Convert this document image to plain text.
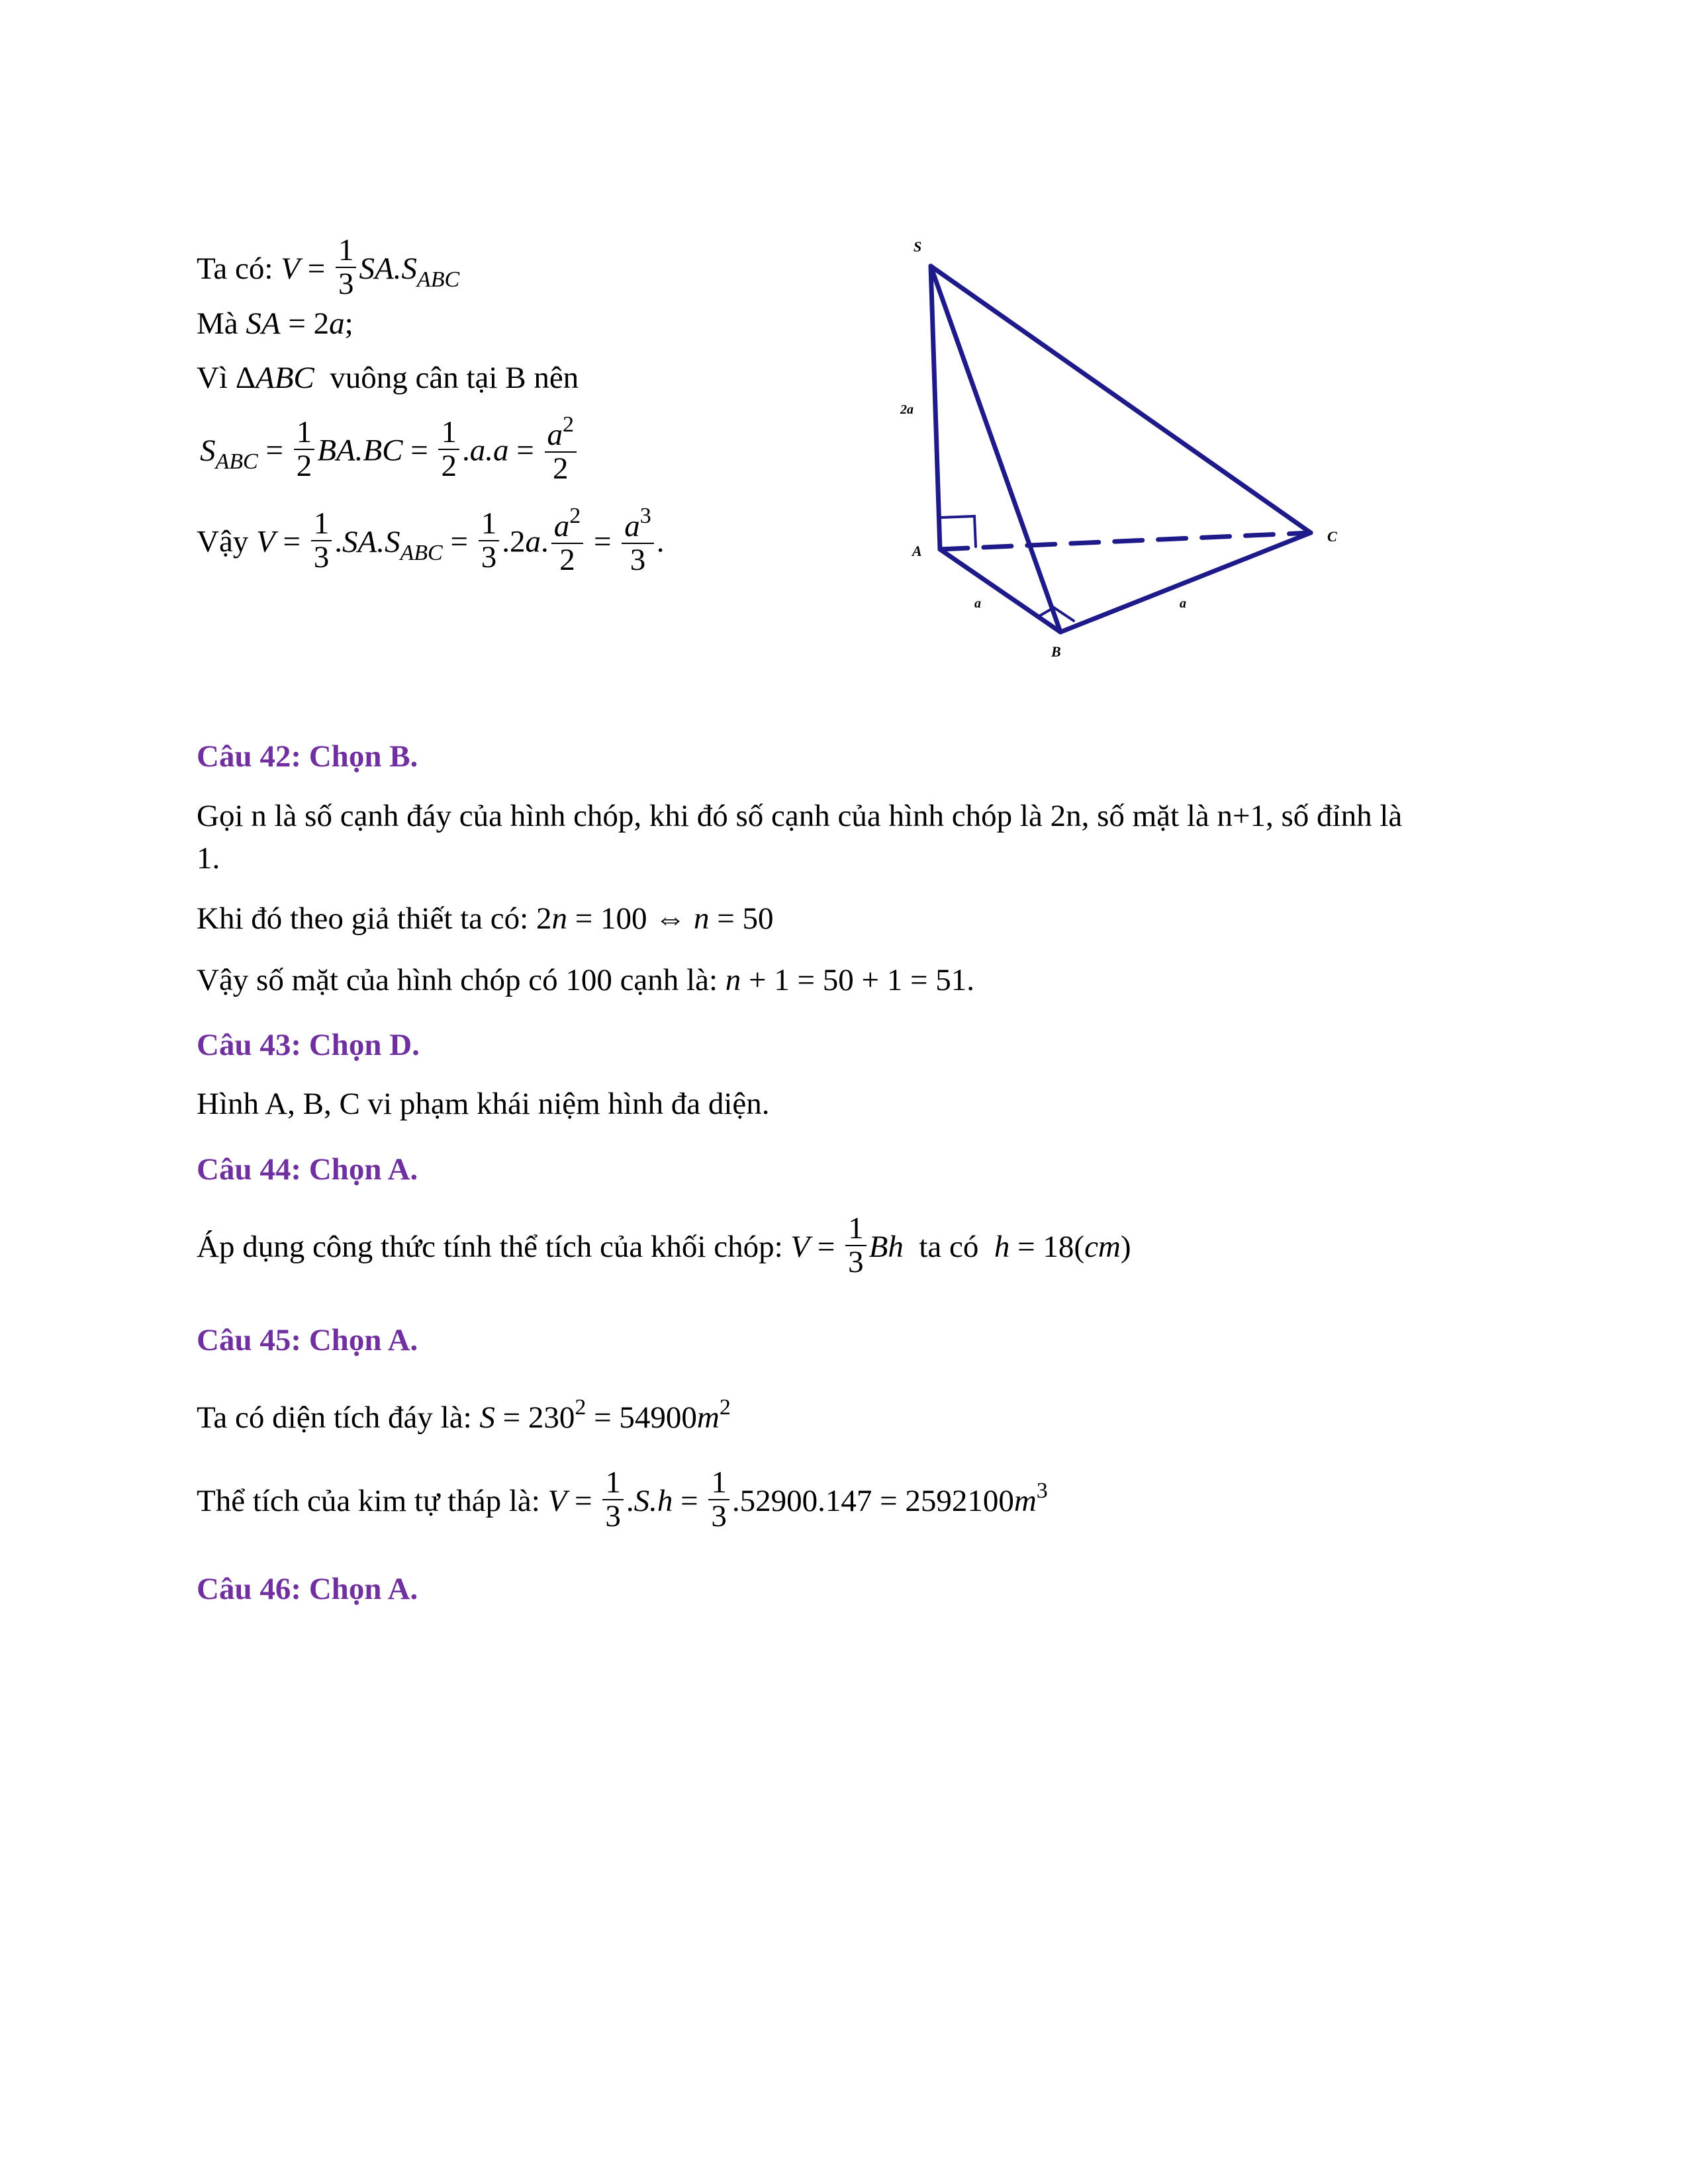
Ta có: $V = \frac{1}{3} SA.S_{ABC}$
Mà SA = 2a;
Vì ΔABC vuông cân tại B nên
$S_{ABC} = \frac{1}{2} BA.BC = \frac{1}{2} .a.a = \frac{a^2}{2}$
Vậy $V = \frac{1}{3} .SA.S_{ABC} = \frac{1}{3} .2a$. $\frac{a^2}{2} = \frac{a^3}{3}$ .
S
A
B
C
2a
a	a
Câu 42: Chọn B.
Gọi n là số cạnh đáy của hình chóp, khi đó số cạnh của hình chóp là 2n, số mặt là n+1, số đỉnh là
1.
Khi đó theo giả thiết ta có: 2n = 100 ⇔ n = 50
Vậy số mặt của hình chóp có 100 cạnh là: n + 1 = 50 + 1 = 51.
Câu 43: Chọn D.
Hình A, B, C vi phạm khái niệm hình đa diện.
Câu 44: Chọn A.
Áp dụng công thức tính thể tích của khối chóp: $V = \frac{1}{3}$ Bh ta có h = 18(cm)
Câu 45: Chọn A.
Ta có diện tích đáy là: $S = 230^2 = 54900m^2$
Thể tích của kim tự tháp là: $V = \frac{1}{3} .S.h = \frac{1}{3} .52900.147 = 2592100m^3$
Câu 46: Chọn A.
